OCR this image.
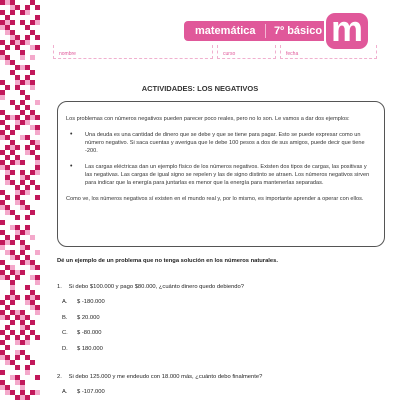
matemática	7º básico m
nombre	curso	fecha
ACTIVIDADES: LOS NEGATIVOS

Los problemas con números negativos pueden parecer poco reales, pero no lo son. Le vamos a dar dos ejemplos:

• Una deuda es una cantidad de dinero que se debe y que se tiene para pagar. Esto se puede expresar como un número negativo. Si saca cuentas y averigua que le debe 100 pesos a dos de sus amigos, puede decir que tiene -200.
• Las cargas eléctricas dan un ejemplo físico de los números negativos. Existen dos tipos de cargas, las positivas y las negativas. Las cargas de igual signo se repelen y las de signo distinto se atraen. Los números negativos sirven para indicar que la energía para juntarlas es menor que la energía para mantenerlas separadas.

Como ve, los números negativos sí existen en el mundo real y, por lo mismo, es importante aprender a operar con ellos.

Dé un ejemplo de un problema que no tenga solución en los números naturales.
1. Si debo $100.000 y pago $80.000, ¿cuánto dinero quedo debiendo?
A. $ -180.000
B. $ 20.000
C. $ -80.000
D. $ 180.000
2. Si debo 125.000 y me endeudo con 18.000 más, ¿cuánto debo finalmente?
A. $ -107.000
